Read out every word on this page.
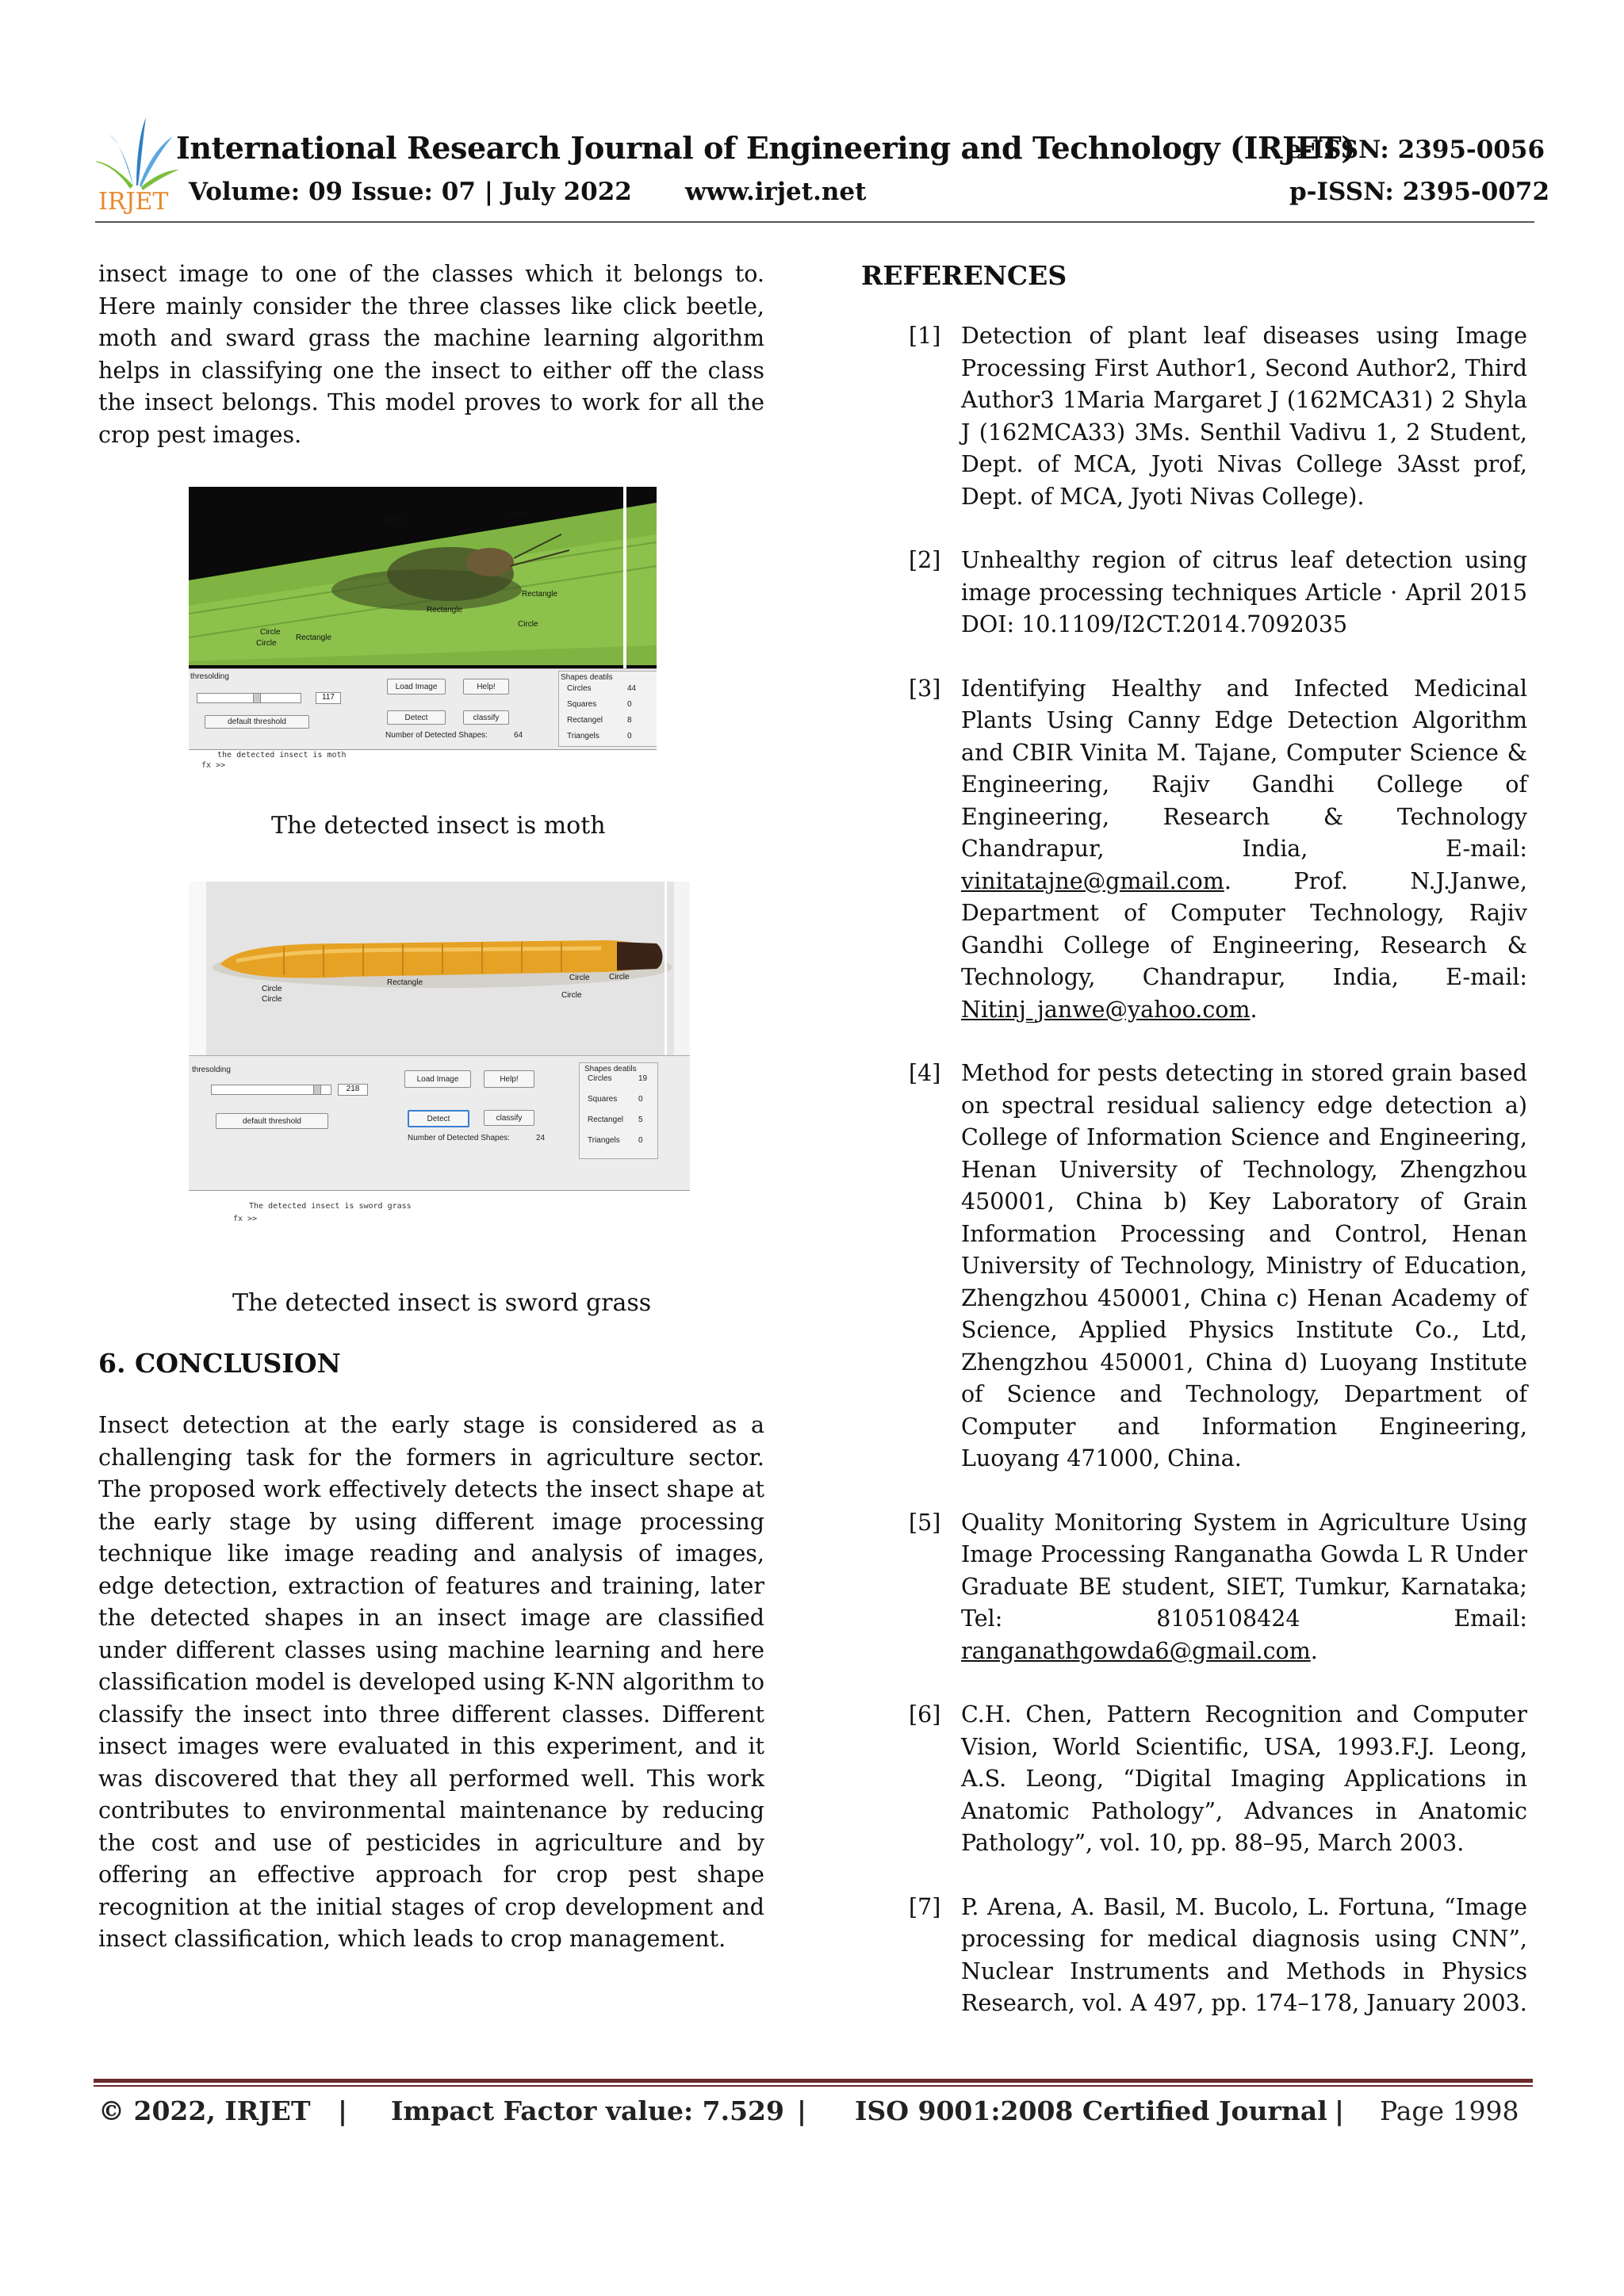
IRJET
International Research Journal of Engineering and Technology (IRJET)
e-ISSN: 2395-0056
Volume: 09 Issue: 07 | July 2022 www.irjet.net	p-ISSN: 2395-0072
insect image to one of the classes which it belongs to. Here mainly consider the three classes like click beetle, moth and sward grass the machine learning algorithm helps in classifying one the insect to either off the class the insect belongs. This model proves to work for all the crop pest images.
Circle
Circle
Rectangle
Rectangle
Circle
Circle
Circle
Rectangle
thresolding
117
default threshold
Load Image	Help!
Detect	classify
Number of Detected Shapes:	64
Shapes deatils
Circles	44
Squares	0
Rectangel	8
Triangels	0
the detected insect is moth
fx >>
The detected insect is moth
Circle
Circle
Circle Circle
Rectangle
Circle
thresolding
218
default threshold
Load Image	Help!
Detect	classify
Number of Detected Shapes:	24
Shapes deatils
Circles	19
Squares	0
Rectangel 5
Triangels 0
The detected insect is sword grass
fx >>
The detected insect is sword grass
6. CONCLUSION
Insect detection at the early stage is considered as a challenging task for the formers in agriculture sector. The proposed work effectively detects the insect shape at the early stage by using different image processing technique like image reading and analysis of images, edge detection, extraction of features and training, later the detected shapes in an insect image are classified under different classes using machine learning and here classification model is developed using K-NN algorithm to classify the insect into three different classes. Different insect images were evaluated in this experiment, and it was discovered that they all performed well. This work contributes to environmental maintenance by reducing the cost and use of pesticides in agriculture and by offering an effective approach for crop pest shape recognition at the initial stages of crop development and insect classification, which leads to crop management.
REFERENCES
[1] Detection of plant leaf diseases using Image Processing First Author1, Second Author2, Third Author3 1Maria Margaret J (162MCA31) 2 Shyla J (162MCA33) 3Ms. Senthil Vadivu 1, 2 Student, Dept. of MCA, Jyoti Nivas College 3Asst prof, Dept. of MCA, Jyoti Nivas College).
[2] Unhealthy region of citrus leaf detection using image processing techniques Article · April 2015 DOI: 10.1109/I2CT.2014.7092035
[3] Identifying Healthy and Infected Medicinal Plants Using Canny Edge Detection Algorithm and CBIR Vinita M. Tajane, Computer Science & Engineering, Rajiv Gandhi College of Engineering, Research & Technology Chandrapur, India, E-mail: vinitatajne@gmail.com. Prof. N.J.Janwe, Department of Computer Technology, Rajiv Gandhi College of Engineering, Research & Technology, Chandrapur, India, E-mail: Nitinj_janwe@yahoo.com.
[4] Method for pests detecting in stored grain based on spectral residual saliency edge detection a) College of Information Science and Engineering, Henan University of Technology, Zhengzhou 450001, China b) Key Laboratory of Grain Information Processing and Control, Henan University of Technology, Ministry of Education, Zhengzhou 450001, China c) Henan Academy of Science, Applied Physics Institute Co., Ltd, Zhengzhou 450001, China d) Luoyang Institute of Science and Technology, Department of Computer and Information Engineering, Luoyang 471000, China.
[5] Quality Monitoring System in Agriculture Using Image Processing Ranganatha Gowda L R Under Graduate BE student, SIET, Tumkur, Karnataka; Tel: 8105108424 Email: ranganathgowda6@gmail.com.
[6] C.H. Chen, Pattern Recognition and Computer Vision, World Scientific, USA, 1993.F.J. Leong, A.S. Leong, “Digital Imaging Applications in Anatomic Pathology”, Advances in Anatomic Pathology”, vol. 10, pp. 88–95, March 2003.
[7] P. Arena, A. Basil, M. Bucolo, L. Fortuna, “Image processing for medical diagnosis using CNN”, Nuclear Instruments and Methods in Physics Research, vol. A 497, pp. 174–178, January 2003.
© 2022, IRJET | Impact Factor value: 7.529 | ISO 9001:2008 Certified Journal | Page 1998
